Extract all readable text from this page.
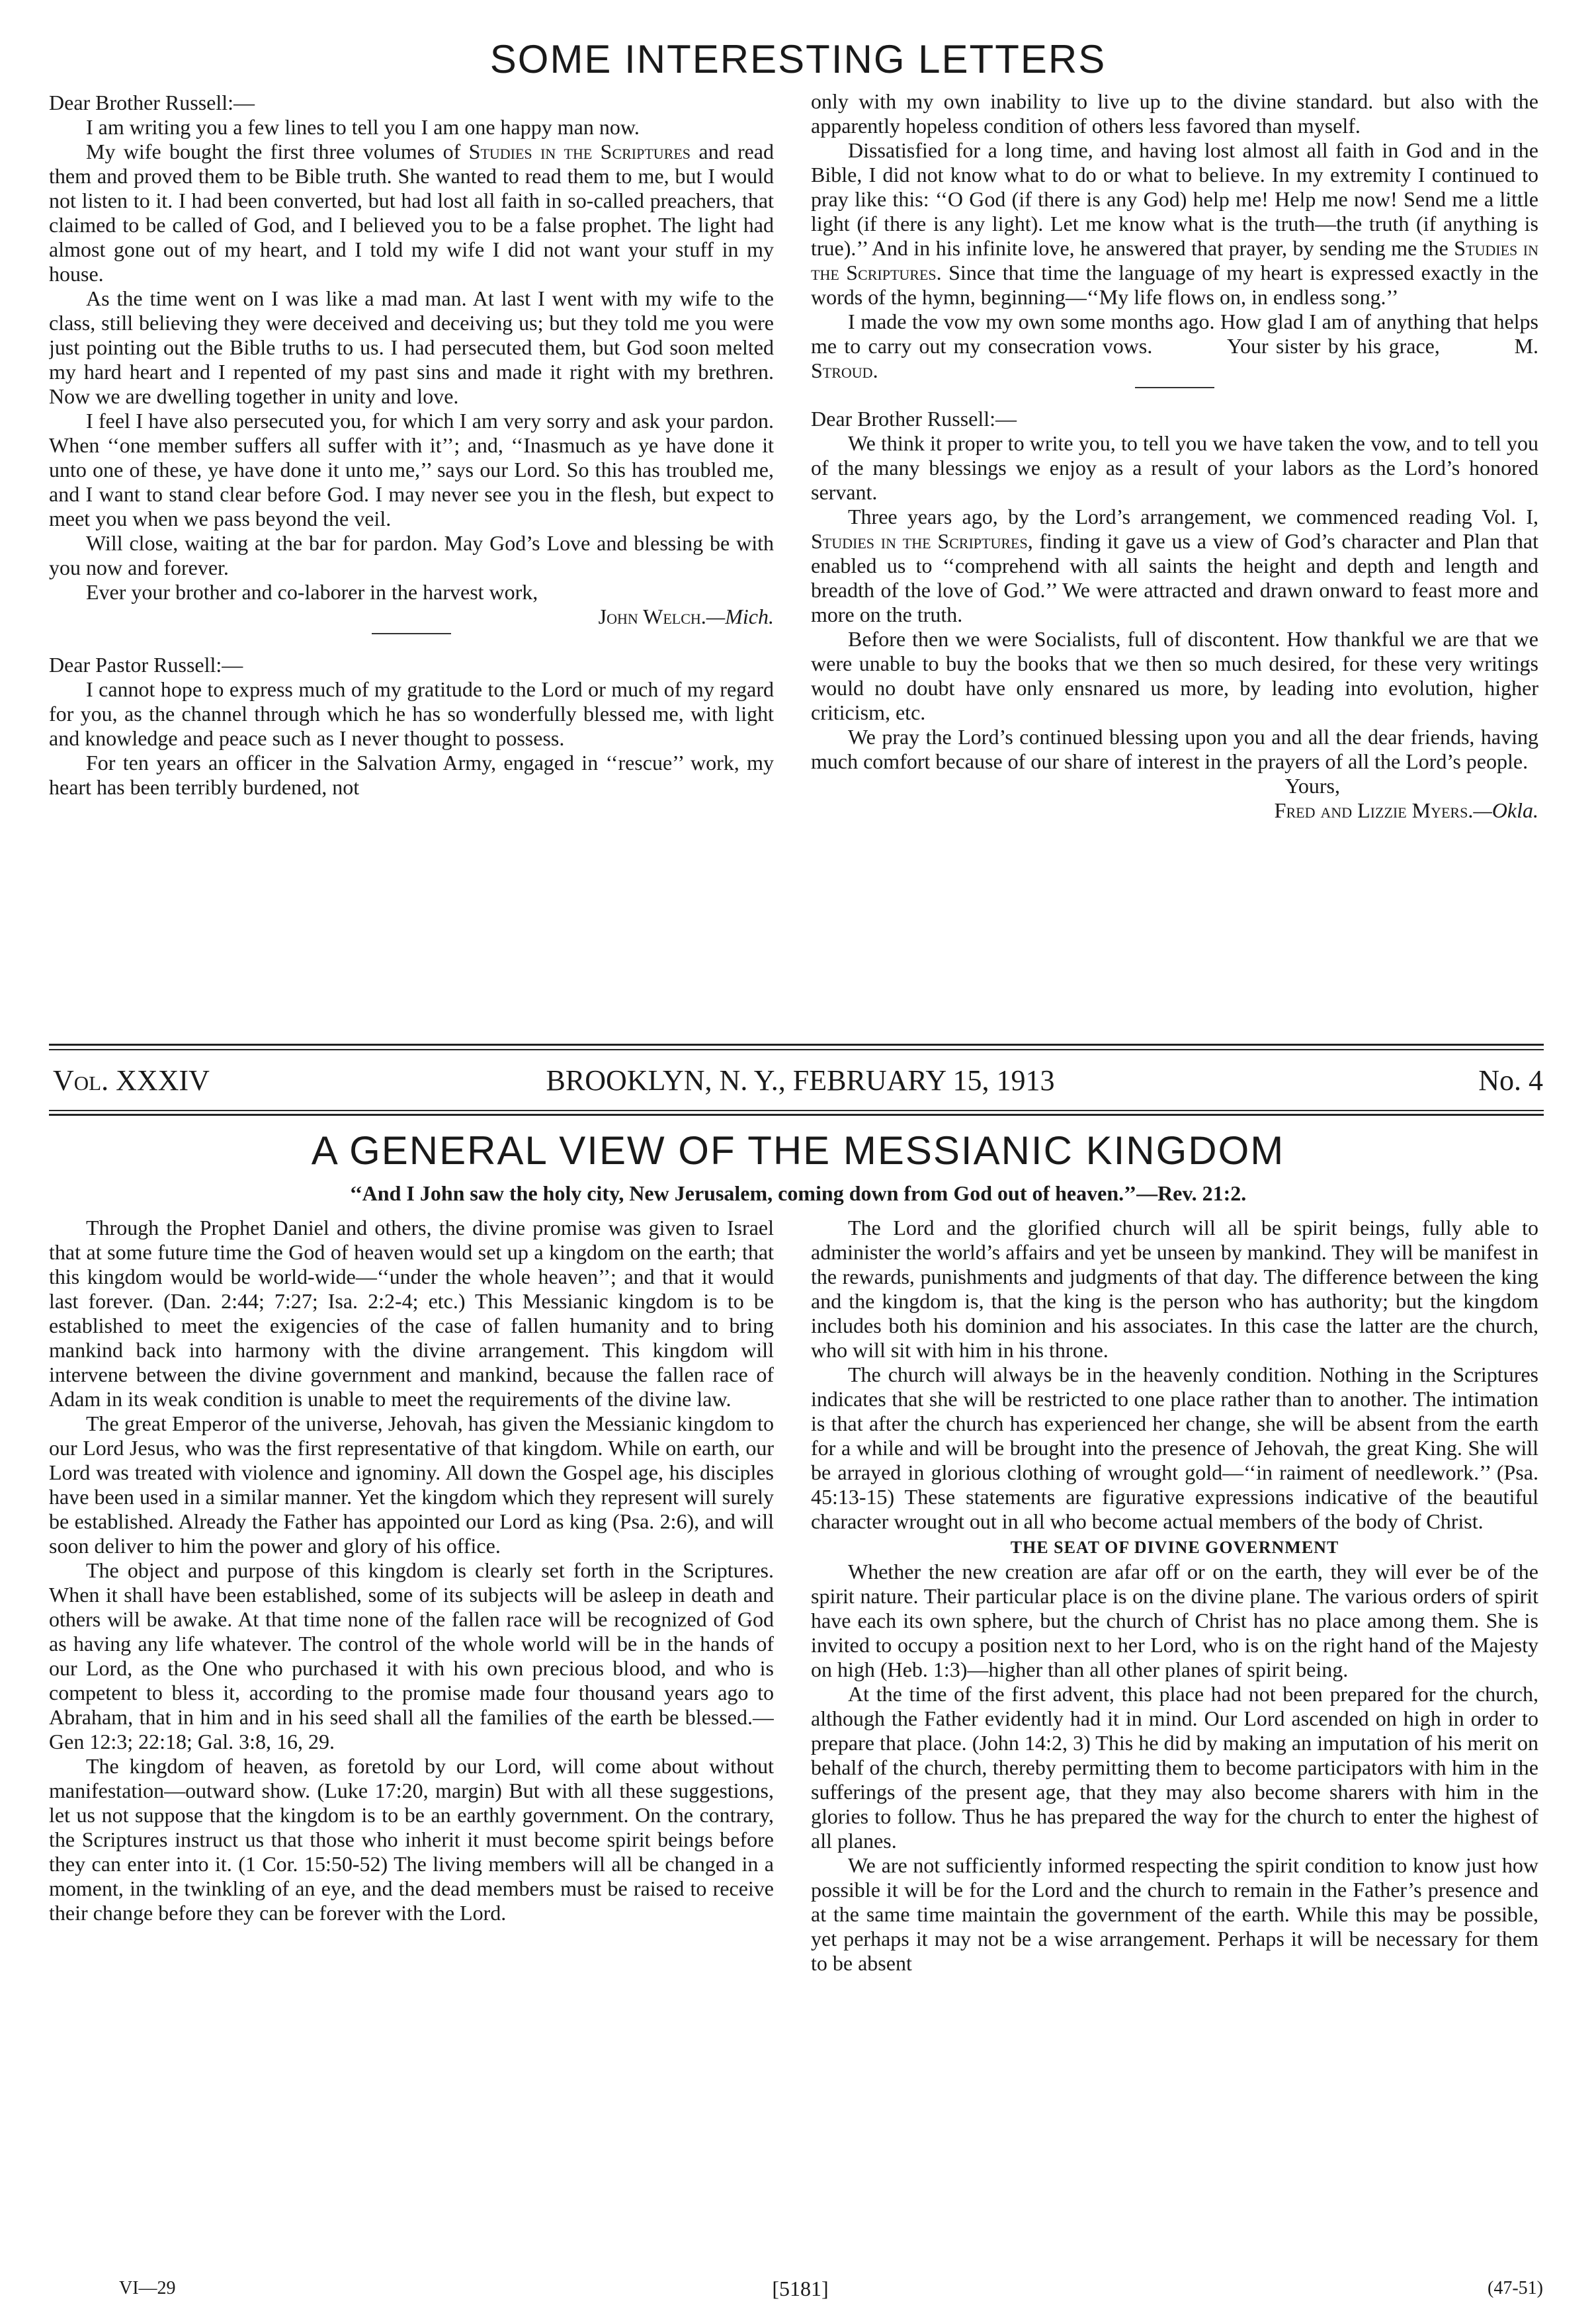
SOME INTERESTING LETTERS

Dear Brother Russell:—

I am writing you a few lines to tell you I am one happy man now.

My wife bought the first three volumes of Studies in the Scriptures and read them and proved them to be Bible truth. She wanted to read them to me, but I would not listen to it. I had been converted, but had lost all faith in so-called preachers, that claimed to be called of God, and I believed you to be a false prophet. The light had almost gone out of my heart, and I told my wife I did not want your stuff in my house.

As the time went on I was like a mad man. At last I went with my wife to the class, still believing they were deceived and deceiving us; but they told me you were just pointing out the Bible truths to us. I had persecuted them, but God soon melted my hard heart and I repented of my past sins and made it right with my brethren. Now we are dwelling together in unity and love.

I feel I have also persecuted you, for which I am very sorry and ask your pardon. When ‘‘one member suffers all suffer with it’’; and, ‘‘Inasmuch as ye have done it unto one of these, ye have done it unto me,’’ says our Lord. So this has troubled me, and I want to stand clear before God. I may never see you in the flesh, but expect to meet you when we pass beyond the veil.

Will close, waiting at the bar for pardon. May God’s Love and blessing be with you now and forever.

Ever your brother and co-laborer in the harvest work,

John Welch.—Mich.

Dear Pastor Russell:—

I cannot hope to express much of my gratitude to the Lord or much of my regard for you, as the channel through which he has so wonderfully blessed me, with light and knowledge and peace such as I never thought to possess.

For ten years an officer in the Salvation Army, engaged in ‘‘rescue’’ work, my heart has been terribly burdened, not

only with my own inability to live up to the divine standard. but also with the apparently hopeless condition of others less favored than myself.

Dissatisfied for a long time, and having lost almost all faith in God and in the Bible, I did not know what to do or what to believe. In my extremity I continued to pray like this: ‘‘O God (if there is any God) help me! Help me now! Send me a little light (if there is any light). Let me know what is the truth—the truth (if anything is true).’’ And in his infinite love, he answered that prayer, by sending me the Studies in the Scriptures. Since that time the language of my heart is expressed exactly in the words of the hymn, beginning—‘‘My life flows on, in endless song.’’

I made the vow my own some months ago. How glad I am of anything that helps me to carry out my consecration vows.	Your sister by his grace,	M. Stroud.

Dear Brother Russell:—

We think it proper to write you, to tell you we have taken the vow, and to tell you of the many blessings we enjoy as a result of your labors as the Lord’s honored servant.

Three years ago, by the Lord’s arrangement, we commenced reading Vol. I, Studies in the Scriptures, finding it gave us a view of God’s character and Plan that enabled us to ‘‘comprehend with all saints the height and depth and length and breadth of the love of God.’’ We were attracted and drawn onward to feast more and more on the truth.

Before then we were Socialists, full of discontent. How thankful we are that we were unable to buy the books that we then so much desired, for these very writings would no doubt have only ensnared us more, by leading into evolution, higher criticism, etc.

We pray the Lord’s continued blessing upon you and all the dear friends, having much comfort because of our share of interest in the prayers of all the Lord’s people.

Yours,

Fred and Lizzie Myers.—Okla.

Vol. XXXIV	BROOKLYN, N. Y., FEBRUARY 15, 1913	No. 4
A GENERAL VIEW OF THE MESSIANIC KINGDOM
‘‘And I John saw the holy city, New Jerusalem, coming down from God out of heaven.’’—Rev. 21:2.

Through the Prophet Daniel and others, the divine promise was given to Israel that at some future time the God of heaven would set up a kingdom on the earth; that this kingdom would be world-wide—‘‘under the whole heaven’’; and that it would last forever. (Dan. 2:44; 7:27; Isa. 2:2-4; etc.) This Messianic kingdom is to be established to meet the exigencies of the case of fallen humanity and to bring mankind back into harmony with the divine arrangement. This kingdom will intervene between the divine government and mankind, because the fallen race of Adam in its weak condition is unable to meet the requirements of the divine law.

The great Emperor of the universe, Jehovah, has given the Messianic kingdom to our Lord Jesus, who was the first representative of that kingdom. While on earth, our Lord was treated with violence and ignominy. All down the Gospel age, his disciples have been used in a similar manner. Yet the kingdom which they represent will surely be established. Already the Father has appointed our Lord as king (Psa. 2:6), and will soon deliver to him the power and glory of his office.

The object and purpose of this kingdom is clearly set forth in the Scriptures. When it shall have been established, some of its subjects will be asleep in death and others will be awake. At that time none of the fallen race will be recognized of God as having any life whatever. The control of the whole world will be in the hands of our Lord, as the One who purchased it with his own precious blood, and who is competent to bless it, according to the promise made four thousand years ago to Abraham, that in him and in his seed shall all the families of the earth be blessed.—Gen 12:3; 22:18; Gal. 3:8, 16, 29.

The kingdom of heaven, as foretold by our Lord, will come about without manifestation—outward show. (Luke 17:20, margin) But with all these suggestions, let us not suppose that the kingdom is to be an earthly government. On the contrary, the Scriptures instruct us that those who inherit it must become spirit beings before they can enter into it. (1 Cor. 15:50-52) The living members will all be changed in a moment, in the twinkling of an eye, and the dead members must be raised to receive their change before they can be forever with the Lord.

The Lord and the glorified church will all be spirit beings, fully able to administer the world’s affairs and yet be unseen by mankind. They will be manifest in the rewards, punishments and judgments of that day. The difference between the king and the kingdom is, that the king is the person who has authority; but the kingdom includes both his dominion and his associates. In this case the latter are the church, who will sit with him in his throne.

The church will always be in the heavenly condition. Nothing in the Scriptures indicates that she will be restricted to one place rather than to another. The intimation is that after the church has experienced her change, she will be absent from the earth for a while and will be brought into the presence of Jehovah, the great King. She will be arrayed in glorious clothing of wrought gold—‘‘in raiment of needlework.’’ (Psa. 45:13-15) These statements are figurative expressions indicative of the beautiful character wrought out in all who become actual members of the body of Christ.

THE SEAT OF DIVINE GOVERNMENT

Whether the new creation are afar off or on the earth, they will ever be of the spirit nature. Their particular place is on the divine plane. The various orders of spirit have each its own sphere, but the church of Christ has no place among them. She is invited to occupy a position next to her Lord, who is on the right hand of the Majesty on high (Heb. 1:3)—higher than all other planes of spirit being.

At the time of the first advent, this place had not been prepared for the church, although the Father evidently had it in mind. Our Lord ascended on high in order to prepare that place. (John 14:2, 3) This he did by making an imputation of his merit on behalf of the church, thereby permitting them to become participators with him in the sufferings of the present age, that they may also become sharers with him in the glories to follow. Thus he has prepared the way for the church to enter the highest of all planes.

We are not sufficiently informed respecting the spirit condition to know just how possible it will be for the Lord and the church to remain in the Father’s presence and at the same time maintain the government of the earth. While this may be possible, yet perhaps it may not be a wise arrangement. Perhaps it will be necessary for them to be absent

VI—29	[5181]	(47-51)
